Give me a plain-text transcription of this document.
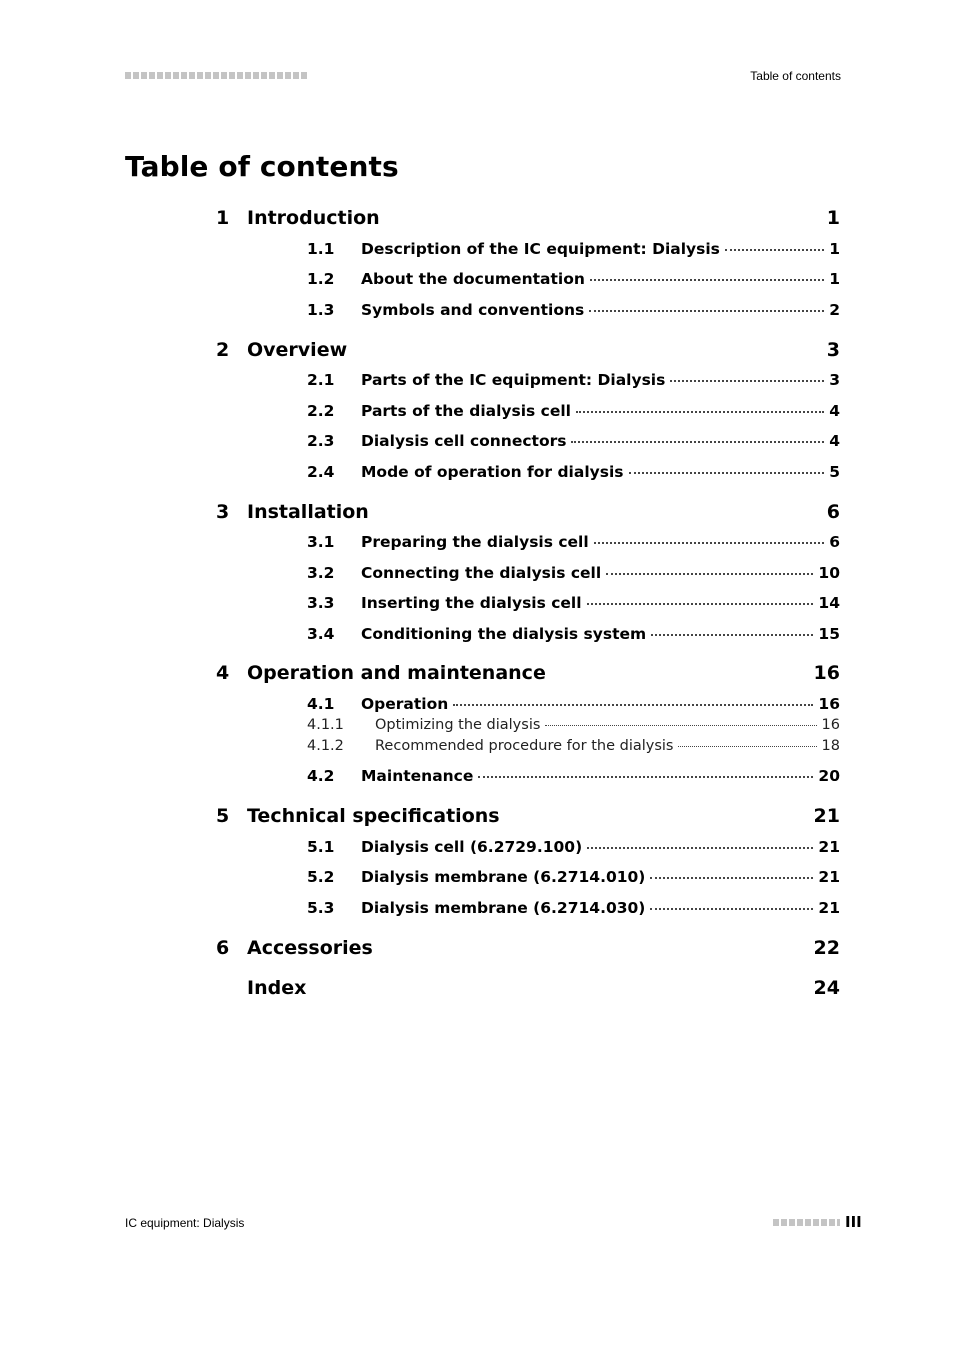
Table of contents
Table of contents
1 Introduction	1
1.1 Description of the IC equipment: Dialysis	1
1.2 About the documentation	1
1.3 Symbols and conventions	2
2 Overview	3
2.1 Parts of the IC equipment: Dialysis	3
2.2 Parts of the dialysis cell	4
2.3 Dialysis cell connectors	4
2.4 Mode of operation for dialysis	5
3 Installation	6
3.1 Preparing the dialysis cell	6
3.2 Connecting the dialysis cell	10
3.3 Inserting the dialysis cell	14
3.4 Conditioning the dialysis system	15
4 Operation and maintenance	16
4.1 Operation	16
4.1.1 Optimizing the dialysis	16
4.1.2 Recommended procedure for the dialysis	18
4.2 Maintenance	20
5 Technical specifications	21
5.1 Dialysis cell (6.2729.100)	21
5.2 Dialysis membrane (6.2714.010)	21
5.3 Dialysis membrane (6.2714.030)	21
6 Accessories	22
Index	24
IC equipment: Dialysis	III
